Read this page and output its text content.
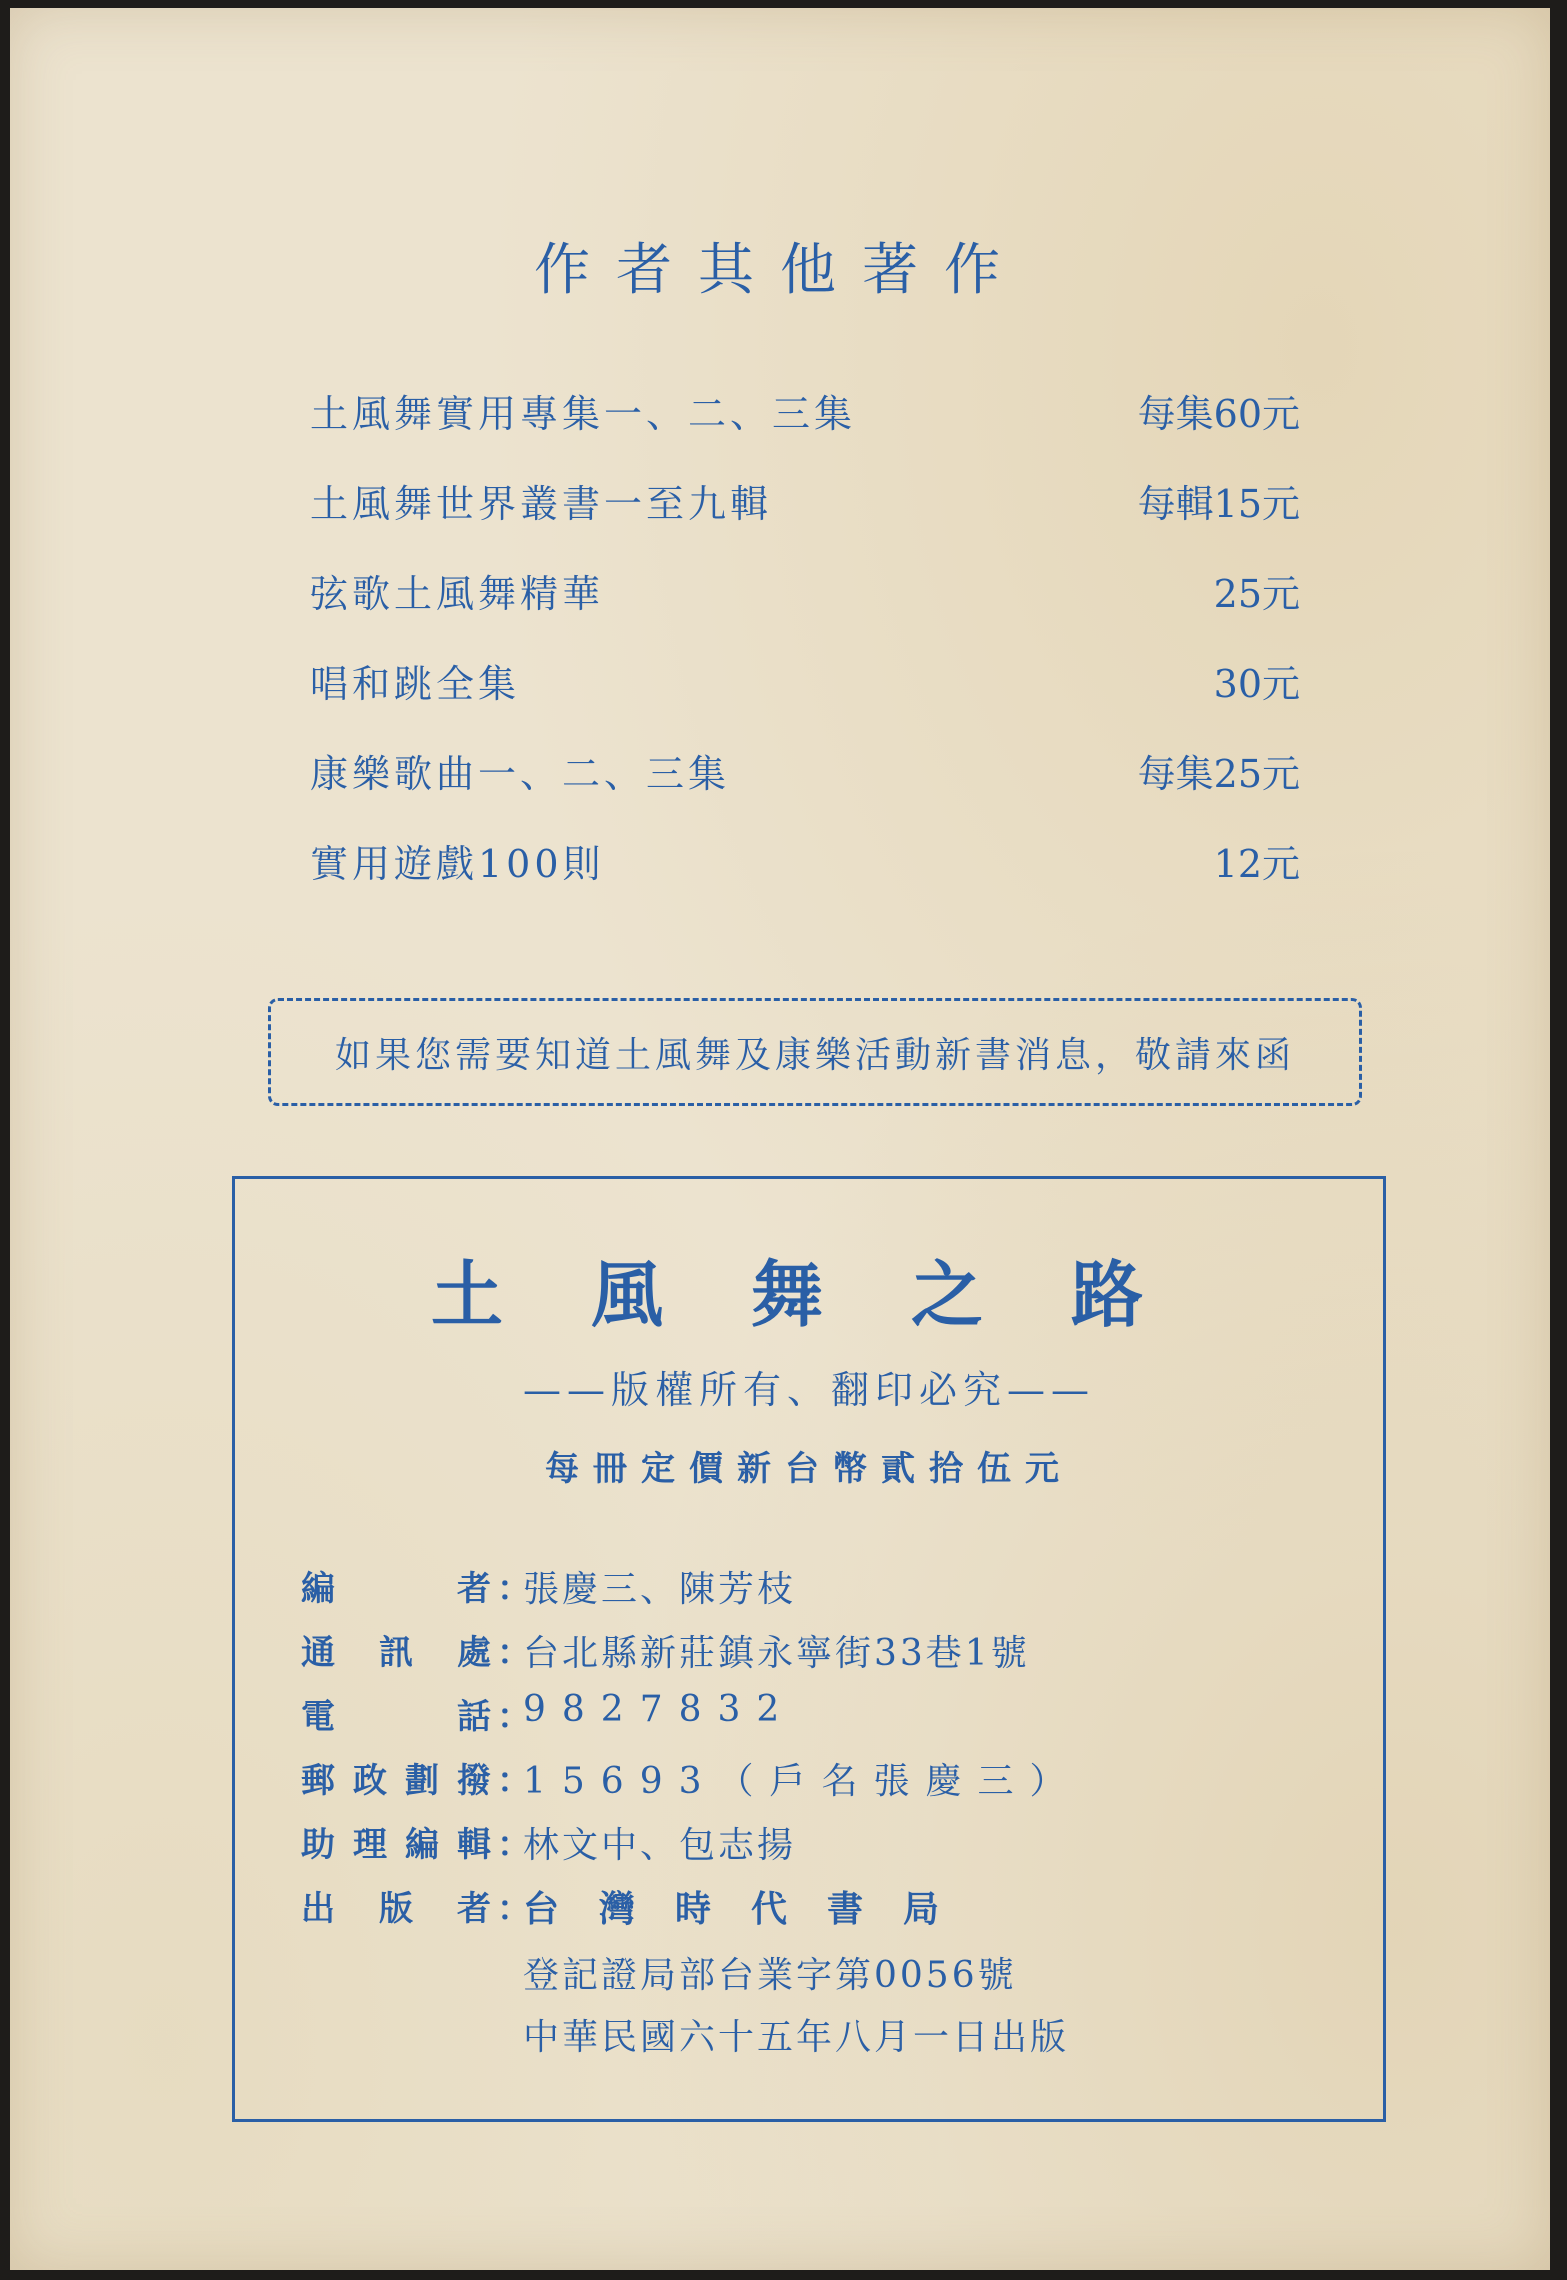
作者其他著作
土風舞實用專集一、二、三集	每集60元
土風舞世界叢書一至九輯	每輯15元
弦歌土風舞精華	25元
唱和跳全集	30元
康樂歌曲一、二、三集	每集25元
實用遊戲100則	12元
如果您需要知道土風舞及康樂活動新書消息，敬請來函
土風舞之路
——版權所有、翻印必究——
每冊定價新台幣貳拾伍元
編	者 ：
張慶三、陳芳枝
通 訊 處 ：
台北縣新莊鎮永寧街33巷1號
電	話 ：
9827832
郵 政 劃 撥 ：
15693（戶名張慶三）
助 理 編 輯 ：
林文中、包志揚
出 版 者 ：
台灣時代書局
登記證局部台業字第0056號
中華民國六十五年八月一日出版
